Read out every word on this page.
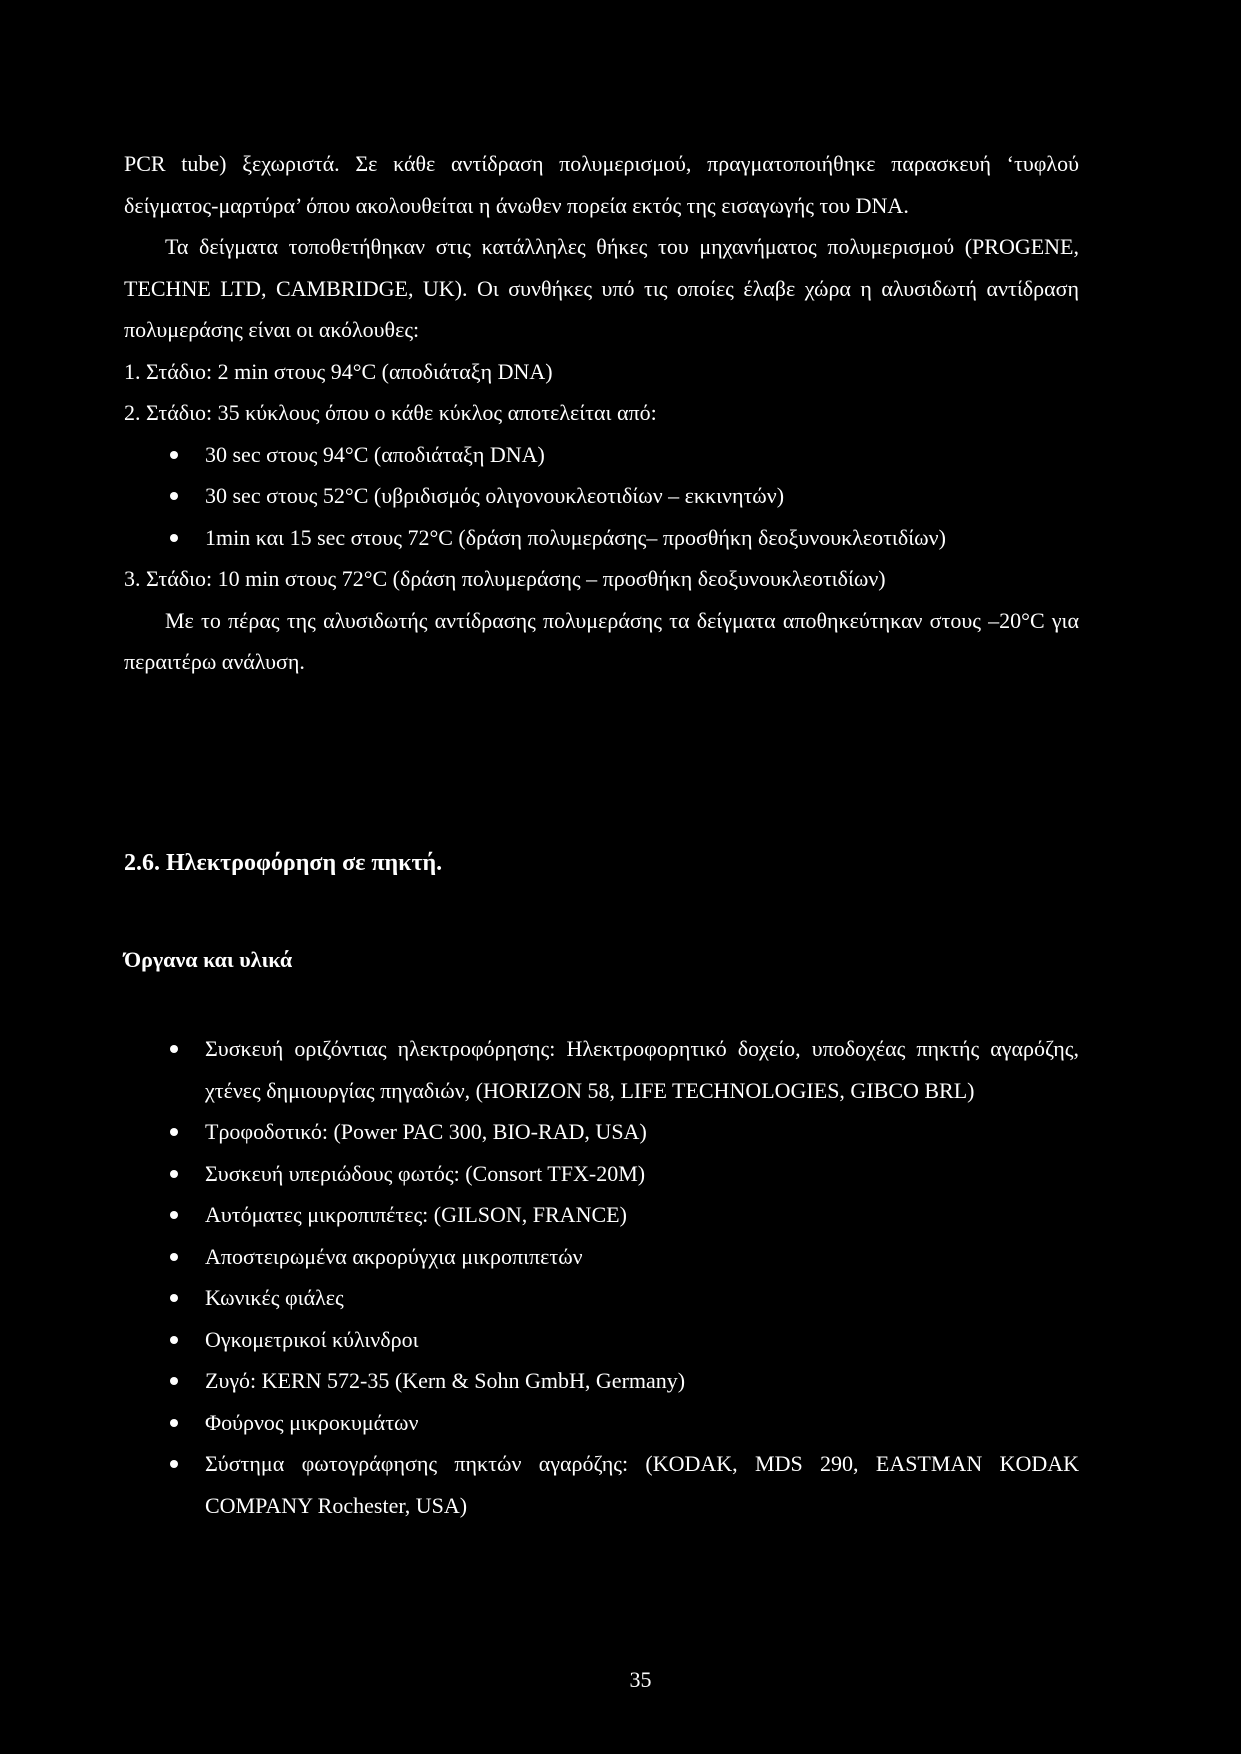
PCR tube) ξεχωριστά. Σε κάθε αντίδραση πολυμερισμού, πραγματοποιήθηκε παρασκευή ‘τυφλού δείγματος-μαρτύρα’ όπου ακολουθείται η άνωθεν πορεία εκτός της εισαγωγής του DNA.
Τα δείγματα τοποθετήθηκαν στις κατάλληλες θήκες του μηχανήματος πολυμερισμού (PROGENE, TECHNE LTD, CAMBRIDGE, UK). Οι συνθήκες υπό τις οποίες έλαβε χώρα η αλυσιδωτή αντίδραση πολυμεράσης είναι οι ακόλουθες:
1. Στάδιο: 2 min στους 94°C (αποδιάταξη DNA)
2. Στάδιο: 35 κύκλους όπου ο κάθε κύκλος αποτελείται από:
30 sec στους 94°C (αποδιάταξη DNA)
30 sec στους 52°C (υβριδισμός ολιγονουκλεοτιδίων – εκκινητών)
1min και 15 sec στους 72°C (δράση πολυμεράσης– προσθήκη δεοξυνουκλεοτιδίων)
3. Στάδιο: 10 min στους 72°C (δράση πολυμεράσης – προσθήκη δεοξυνουκλεοτιδίων)
Με το πέρας της αλυσιδωτής αντίδρασης πολυμεράσης τα δείγματα αποθηκεύτηκαν στους –20°C για περαιτέρω ανάλυση.
2.6. Ηλεκτροφόρηση σε πηκτή.
Όργανα και υλικά
Συσκευή οριζόντιας ηλεκτροφόρησης: Ηλεκτροφορητικό δοχείο, υποδοχέας πηκτής αγαρόζης, χτένες δημιουργίας πηγαδιών, (HORIZON 58, LIFE TECHNOLOGIES, GIBCO BRL)
Τροφοδοτικό: (Power PAC 300, BIO-RAD, USA)
Συσκευή υπεριώδους φωτός: (Consort TFX-20M)
Αυτόματες μικροπιπέτες: (GILSON, FRANCE)
Αποστειρωμένα ακρορύγχια μικροπιπετών
Κωνικές φιάλες
Ογκομετρικοί κύλινδροι
Ζυγό: KERN 572-35 (Kern & Sohn GmbH, Germany)
Φούρνος μικροκυμάτων
Σύστημα φωτογράφησης πηκτών αγαρόζης: (KODAK, MDS 290, EASTMAN KODAK COMPANY Rochester, USA)
35
